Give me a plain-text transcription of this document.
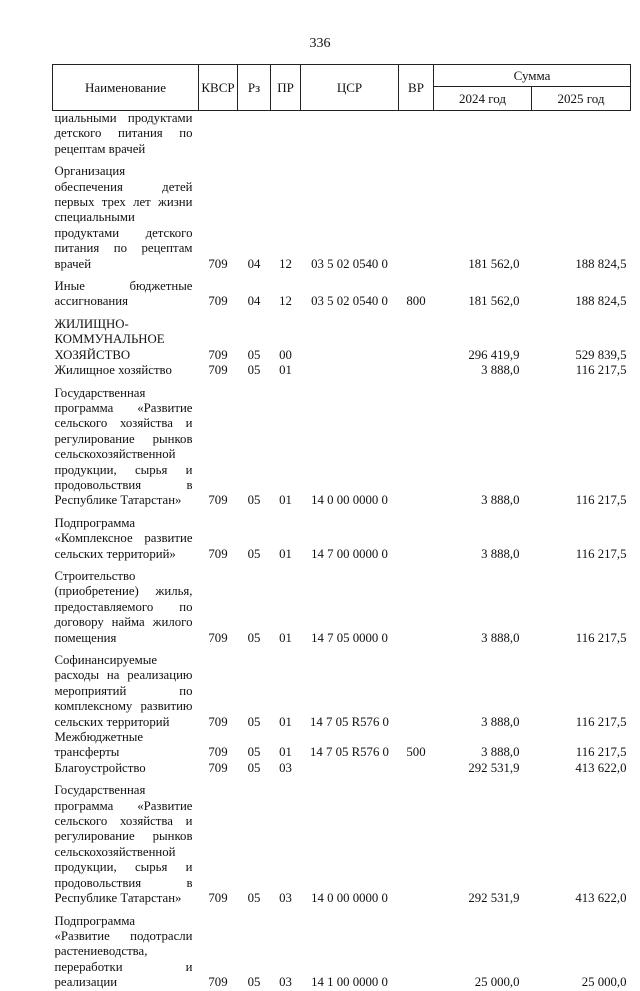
336
Наименование	КВСР	Рз	ПР	ЦСР	ВР	Сумма	
						2024 год	2025 год
циальными продуктами детского питания по рецептам врачей							
Организация обеспечения детей первых трех лет жизни специальными продуктами детского питания по рецептам врачей	709	04	12	03 5 02 0540 0		181 562,0	188 824,5
Иные бюджетные ассигнования	709	04	12	03 5 02 0540 0	800	181 562,0	188 824,5
ЖИЛИЩНО-КОММУНАЛЬНОЕ ХОЗЯЙСТВО	709	05	00			296 419,9	529 839,5
Жилищное хозяйство	709	05	01			3 888,0	116 217,5
Государственная программа «Развитие сельского хозяйства и регулирование рынков сельскохозяйственной продукции, сырья и продовольствия в Республике Татарстан»	709	05	01	14 0 00 0000 0		3 888,0	116 217,5
Подпрограмма «Комплексное развитие сельских территорий»	709	05	01	14 7 00 0000 0		3 888,0	116 217,5
Строительство (приобретение) жилья, предоставляемого по договору найма жилого помещения	709	05	01	14 7 05 0000 0		3 888,0	116 217,5
Софинансируемые расходы на реализацию мероприятий по комплексному развитию сельских территорий	709	05	01	14 7 05 R576 0		3 888,0	116 217,5
Межбюджетные трансферты	709	05	01	14 7 05 R576 0	500	3 888,0	116 217,5
Благоустройство	709	05	03			292 531,9	413 622,0
Государственная программа «Развитие сельского хозяйства и регулирование рынков сельскохозяйственной продукции, сырья и продовольствия в Республике Татарстан»	709	05	03	14 0 00 0000 0		292 531,9	413 622,0
Подпрограмма «Развитие подотрасли растениеводства, переработки и реализации	709	05	03	14 1 00 0000 0		25 000,0	25 000,0
